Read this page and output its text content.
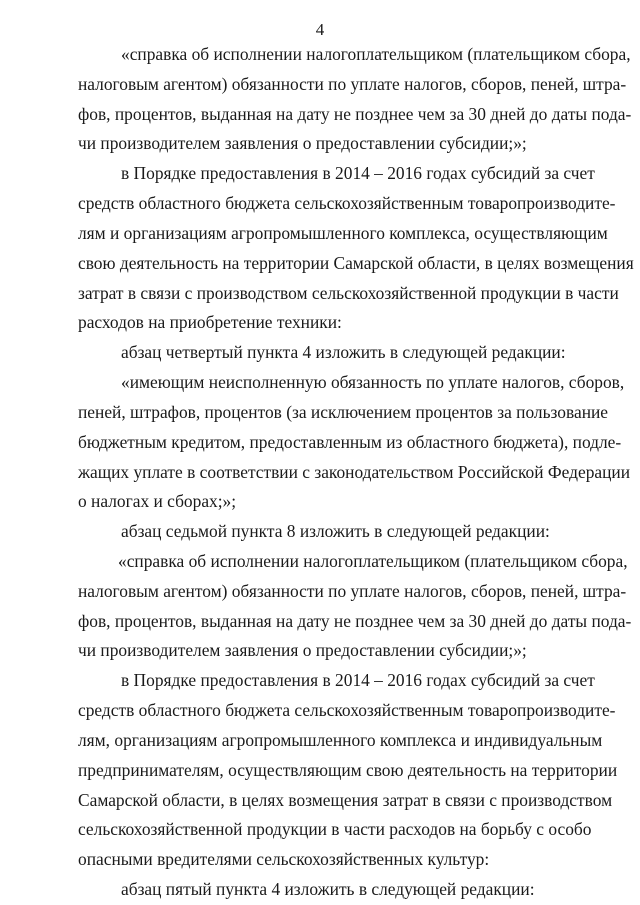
4
«справка об исполнении налогоплательщиком (плательщиком сбора,
налоговым агентом) обязанности по уплате налогов, сборов, пеней, штра-
фов, процентов, выданная на дату не позднее чем за 30 дней до даты пода-
чи производителем заявления о предоставлении субсидии;»;
в Порядке предоставления в 2014 – 2016 годах субсидий за счет
средств областного бюджета сельскохозяйственным товаропроизводите-
лям и организациям агропромышленного комплекса, осуществляющим
свою деятельность на территории Самарской области, в целях возмещения
затрат в связи с производством сельскохозяйственной продукции в части
расходов на приобретение техники:
абзац четвертый пункта 4 изложить в следующей редакции:
«имеющим неисполненную обязанность по уплате налогов, сборов,
пеней, штрафов, процентов (за исключением процентов за пользование
бюджетным кредитом, предоставленным из областного бюджета), подле-
жащих уплате в соответствии с законодательством Российской Федерации
о налогах и сборах;»;
абзац седьмой пункта 8 изложить в следующей редакции:
«справка об исполнении налогоплательщиком (плательщиком сбора,
налоговым агентом) обязанности по уплате налогов, сборов, пеней, штра-
фов, процентов, выданная на дату не позднее чем за 30 дней до даты пода-
чи производителем заявления о предоставлении субсидии;»;
в Порядке предоставления в 2014 – 2016 годах субсидий за счет
средств областного бюджета сельскохозяйственным товаропроизводите-
лям, организациям агропромышленного комплекса и индивидуальным
предпринимателям, осуществляющим свою деятельность на территории
Самарской области, в целях возмещения затрат в связи с производством
сельскохозяйственной продукции в части расходов на борьбу с особо
опасными вредителями сельскохозяйственных культур:
абзац пятый пункта 4 изложить в следующей редакции:
